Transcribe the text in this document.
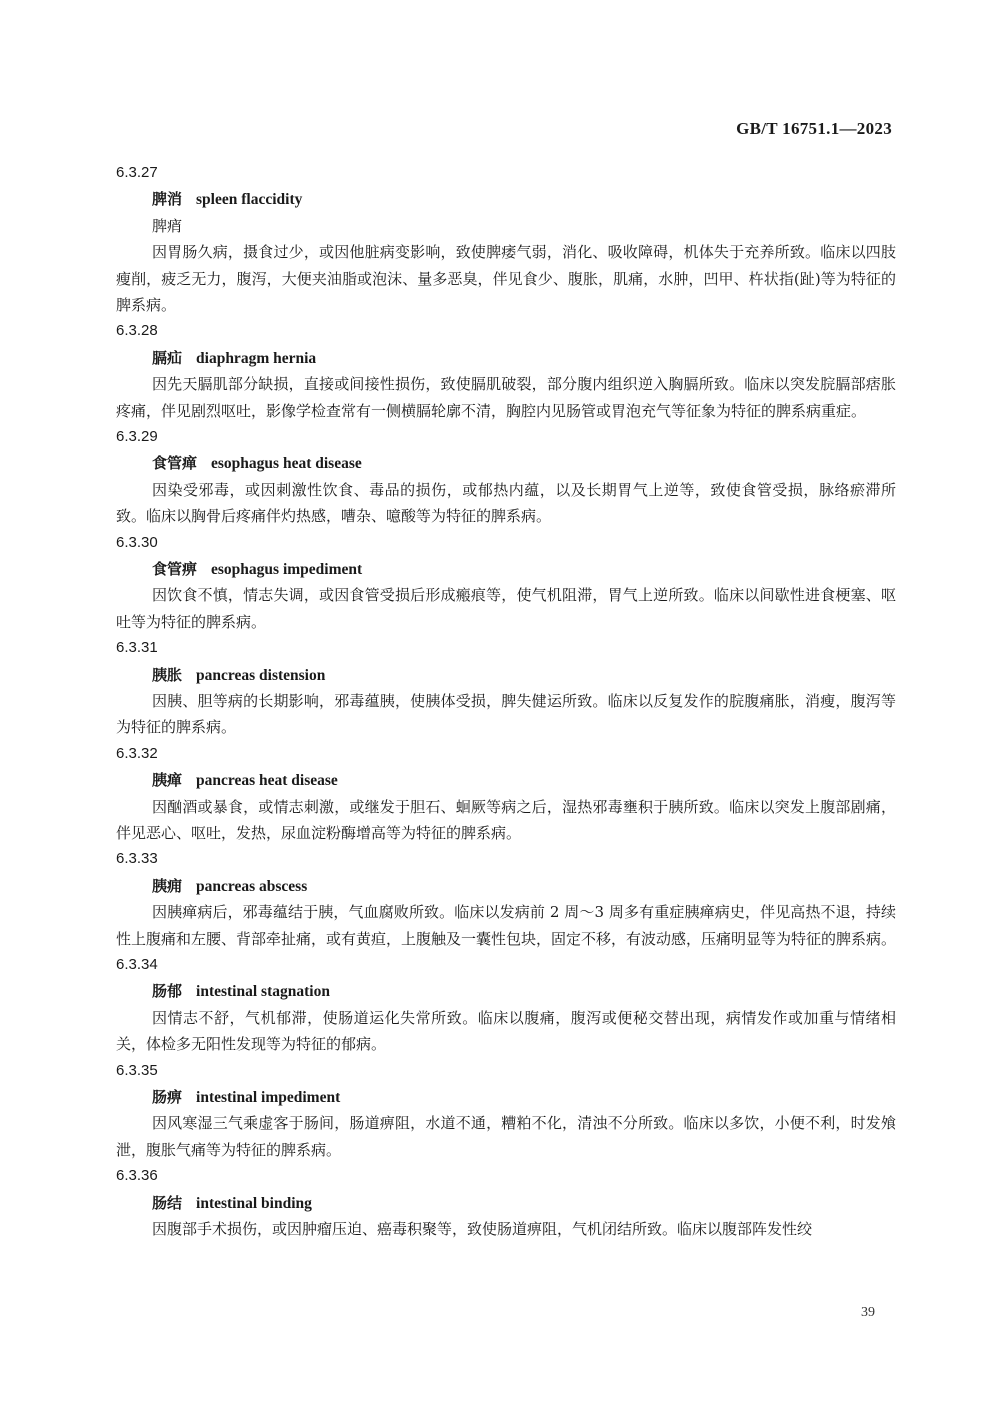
GB/T 16751.1—2023
6.3.27
脾消 spleen flaccidity
脾痟

因胃肠久病，摄食过少，或因他脏病变影响，致使脾痿气弱，消化、吸收障碍，机体失于充养所致。临床以四肢瘦削，疲乏无力，腹泻，大便夹油脂或泡沫、量多恶臭，伴见食少、腹胀，肌痛，水肿，凹甲、杵状指(趾)等为特征的脾系病。

6.3.28
膈疝 diaphragm hernia

因先天膈肌部分缺损，直接或间接性损伤，致使膈肌破裂，部分腹内组织逆入胸膈所致。临床以突发脘膈部痞胀疼痛，伴见剧烈呕吐，影像学检查常有一侧横膈轮廓不清，胸腔内见肠管或胃泡充气等征象为特征的脾系病重症。

6.3.29
食管瘅 esophagus heat disease

因染受邪毒，或因刺激性饮食、毒品的损伤，或郁热内蕴，以及长期胃气上逆等，致使食管受损，脉络瘀滞所致。临床以胸骨后疼痛伴灼热感，嘈杂、噫酸等为特征的脾系病。

6.3.30
食管痹 esophagus impediment

因饮食不慎，情志失调，或因食管受损后形成瘢痕等，使气机阻滞，胃气上逆所致。临床以间歇性进食梗塞、呕吐等为特征的脾系病。

6.3.31
胰胀 pancreas distension

因胰、胆等病的长期影响，邪毒蕴胰，使胰体受损，脾失健运所致。临床以反复发作的脘腹痛胀，消瘦，腹泻等为特征的脾系病。

6.3.32
胰瘅 pancreas heat disease

因酗酒或暴食，或情志刺激，或继发于胆石、蛔厥等病之后，湿热邪毒壅积于胰所致。临床以突发上腹部剧痛，伴见恶心、呕吐，发热，尿血淀粉酶增高等为特征的脾系病。

6.3.33
胰痈 pancreas abscess

因胰瘅病后，邪毒蕴结于胰，气血腐败所致。临床以发病前 2 周～3 周多有重症胰瘅病史，伴见高热不退，持续性上腹痛和左腰、背部牵扯痛，或有黄疸，上腹触及一囊性包块，固定不移，有波动感，压痛明显等为特征的脾系病。

6.3.34
肠郁 intestinal stagnation

因情志不舒，气机郁滞，使肠道运化失常所致。临床以腹痛，腹泻或便秘交替出现，病情发作或加重与情绪相关，体检多无阳性发现等为特征的郁病。

6.3.35
肠痹 intestinal impediment

因风寒湿三气乘虚客于肠间，肠道痹阻，水道不通，糟粕不化，清浊不分所致。临床以多饮，小便不利，时发飧泄，腹胀气痛等为特征的脾系病。

6.3.36
肠结 intestinal binding

因腹部手术损伤，或因肿瘤压迫、癌毒积聚等，致使肠道痹阻，气机闭结所致。临床以腹部阵发性绞

39
